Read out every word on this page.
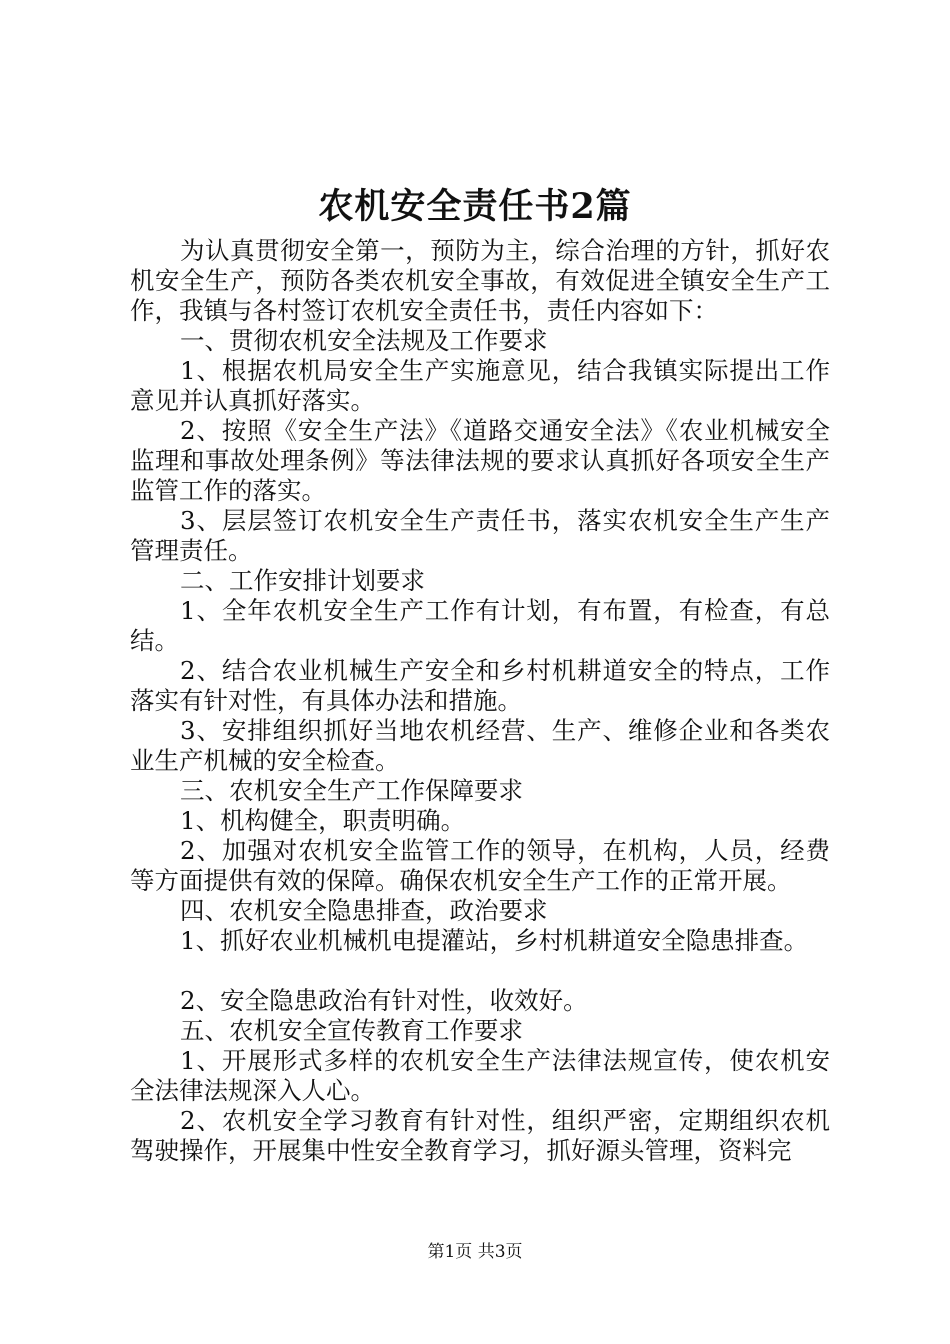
农机安全责任书2篇

为认真贯彻安全第一，预防为主，综合治理的方针，抓好农机安全生产，预防各类农机安全事故，有效促进全镇安全生产工作，我镇与各村签订农机安全责任书，责任内容如下：

一、贯彻农机安全法规及工作要求

1、根据农机局安全生产实施意见，结合我镇实际提出工作意见并认真抓好落实。

2、按照《安全生产法》《道路交通安全法》《农业机械安全监理和事故处理条例》等法律法规的要求认真抓好各项安全生产监管工作的落实。

3、层层签订农机安全生产责任书，落实农机安全生产生产管理责任。

二、工作安排计划要求

1、全年农机安全生产工作有计划，有布置，有检查，有总结。

2、结合农业机械生产安全和乡村机耕道安全的特点，工作落实有针对性，有具体办法和措施。

3、安排组织抓好当地农机经营、生产、维修企业和各类农业生产机械的安全检查。

三、农机安全生产工作保障要求

1、机构健全，职责明确。

2、加强对农机安全监管工作的领导，在机构，人员，经费等方面提供有效的保障。确保农机安全生产工作的正常开展。

四、农机安全隐患排查，政治要求

1、抓好农业机械机电提灌站，乡村机耕道安全隐患排查。

2、安全隐患政治有针对性，收效好。

五、农机安全宣传教育工作要求

1、开展形式多样的农机安全生产法律法规宣传，使农机安全法律法规深入人心。

2、农机安全学习教育有针对性，组织严密，定期组织农机驾驶操作，开展集中性安全教育学习，抓好源头管理，资料完

第1页 共3页
